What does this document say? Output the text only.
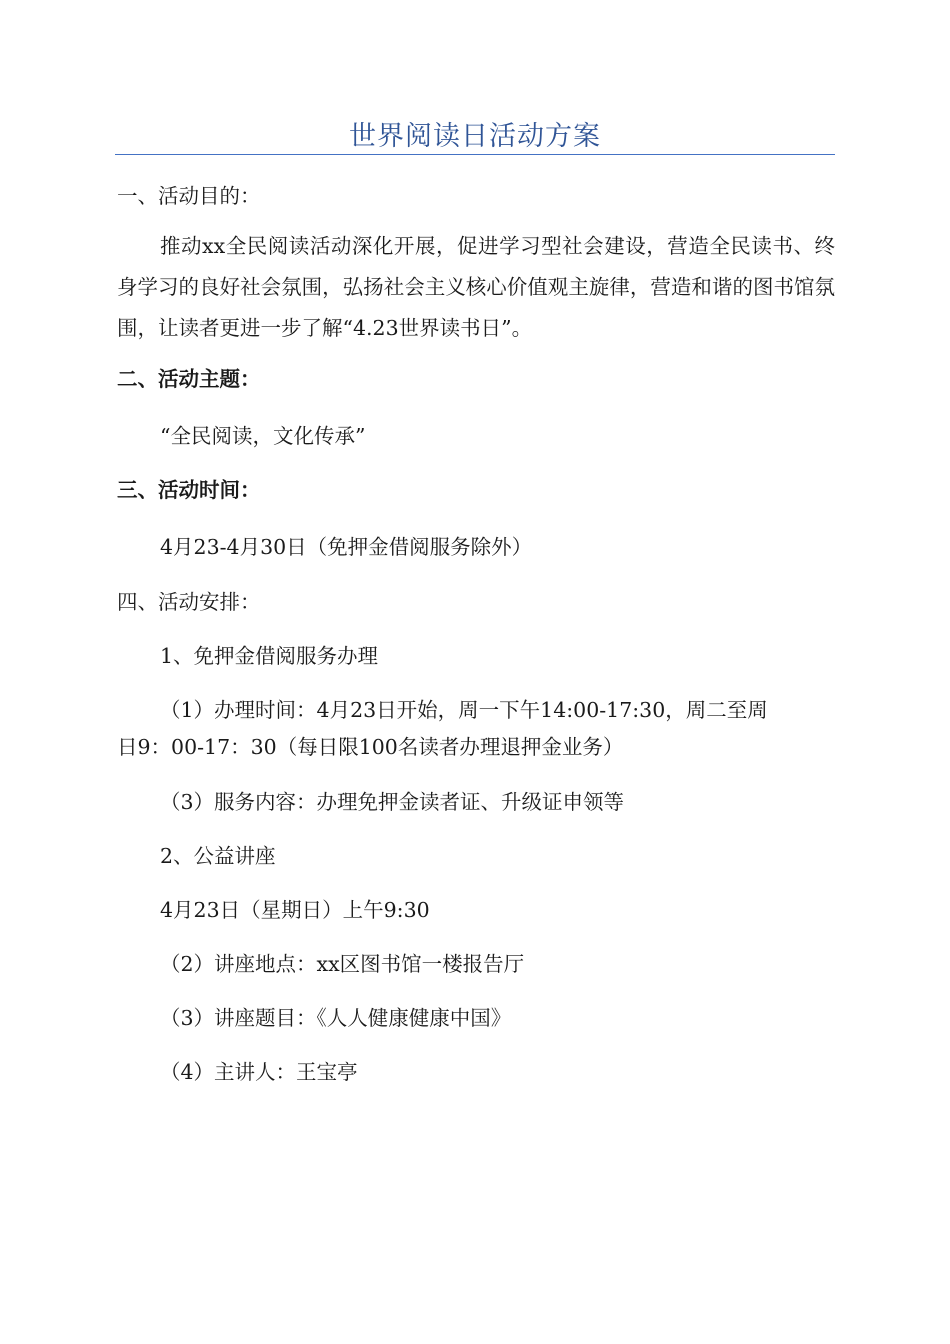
世界阅读日活动方案
一、活动目的：
推动xx全民阅读活动深化开展，促进学习型社会建设，营造全民读书、终身学习的良好社会氛围，弘扬社会主义核心价值观主旋律，营造和谐的图书馆氛围，让读者更进一步了解“4.23世界读书日”。
二、活动主题：
“全民阅读，文化传承”
三、活动时间：
4月23-4月30日（免押金借阅服务除外）
四、活动安排：
1、免押金借阅服务办理
（1）办理时间：4月23日开始，周一下午14:00-17:30，周二至周
日9：00-17：30（每日限100名读者办理退押金业务）
（3）服务内容：办理免押金读者证、升级证申领等
2、公益讲座
4月23日（星期日）上午9:30
（2）讲座地点：xx区图书馆一楼报告厅
（3）讲座题目：《人人健康健康中国》
（4）主讲人：王宝亭
